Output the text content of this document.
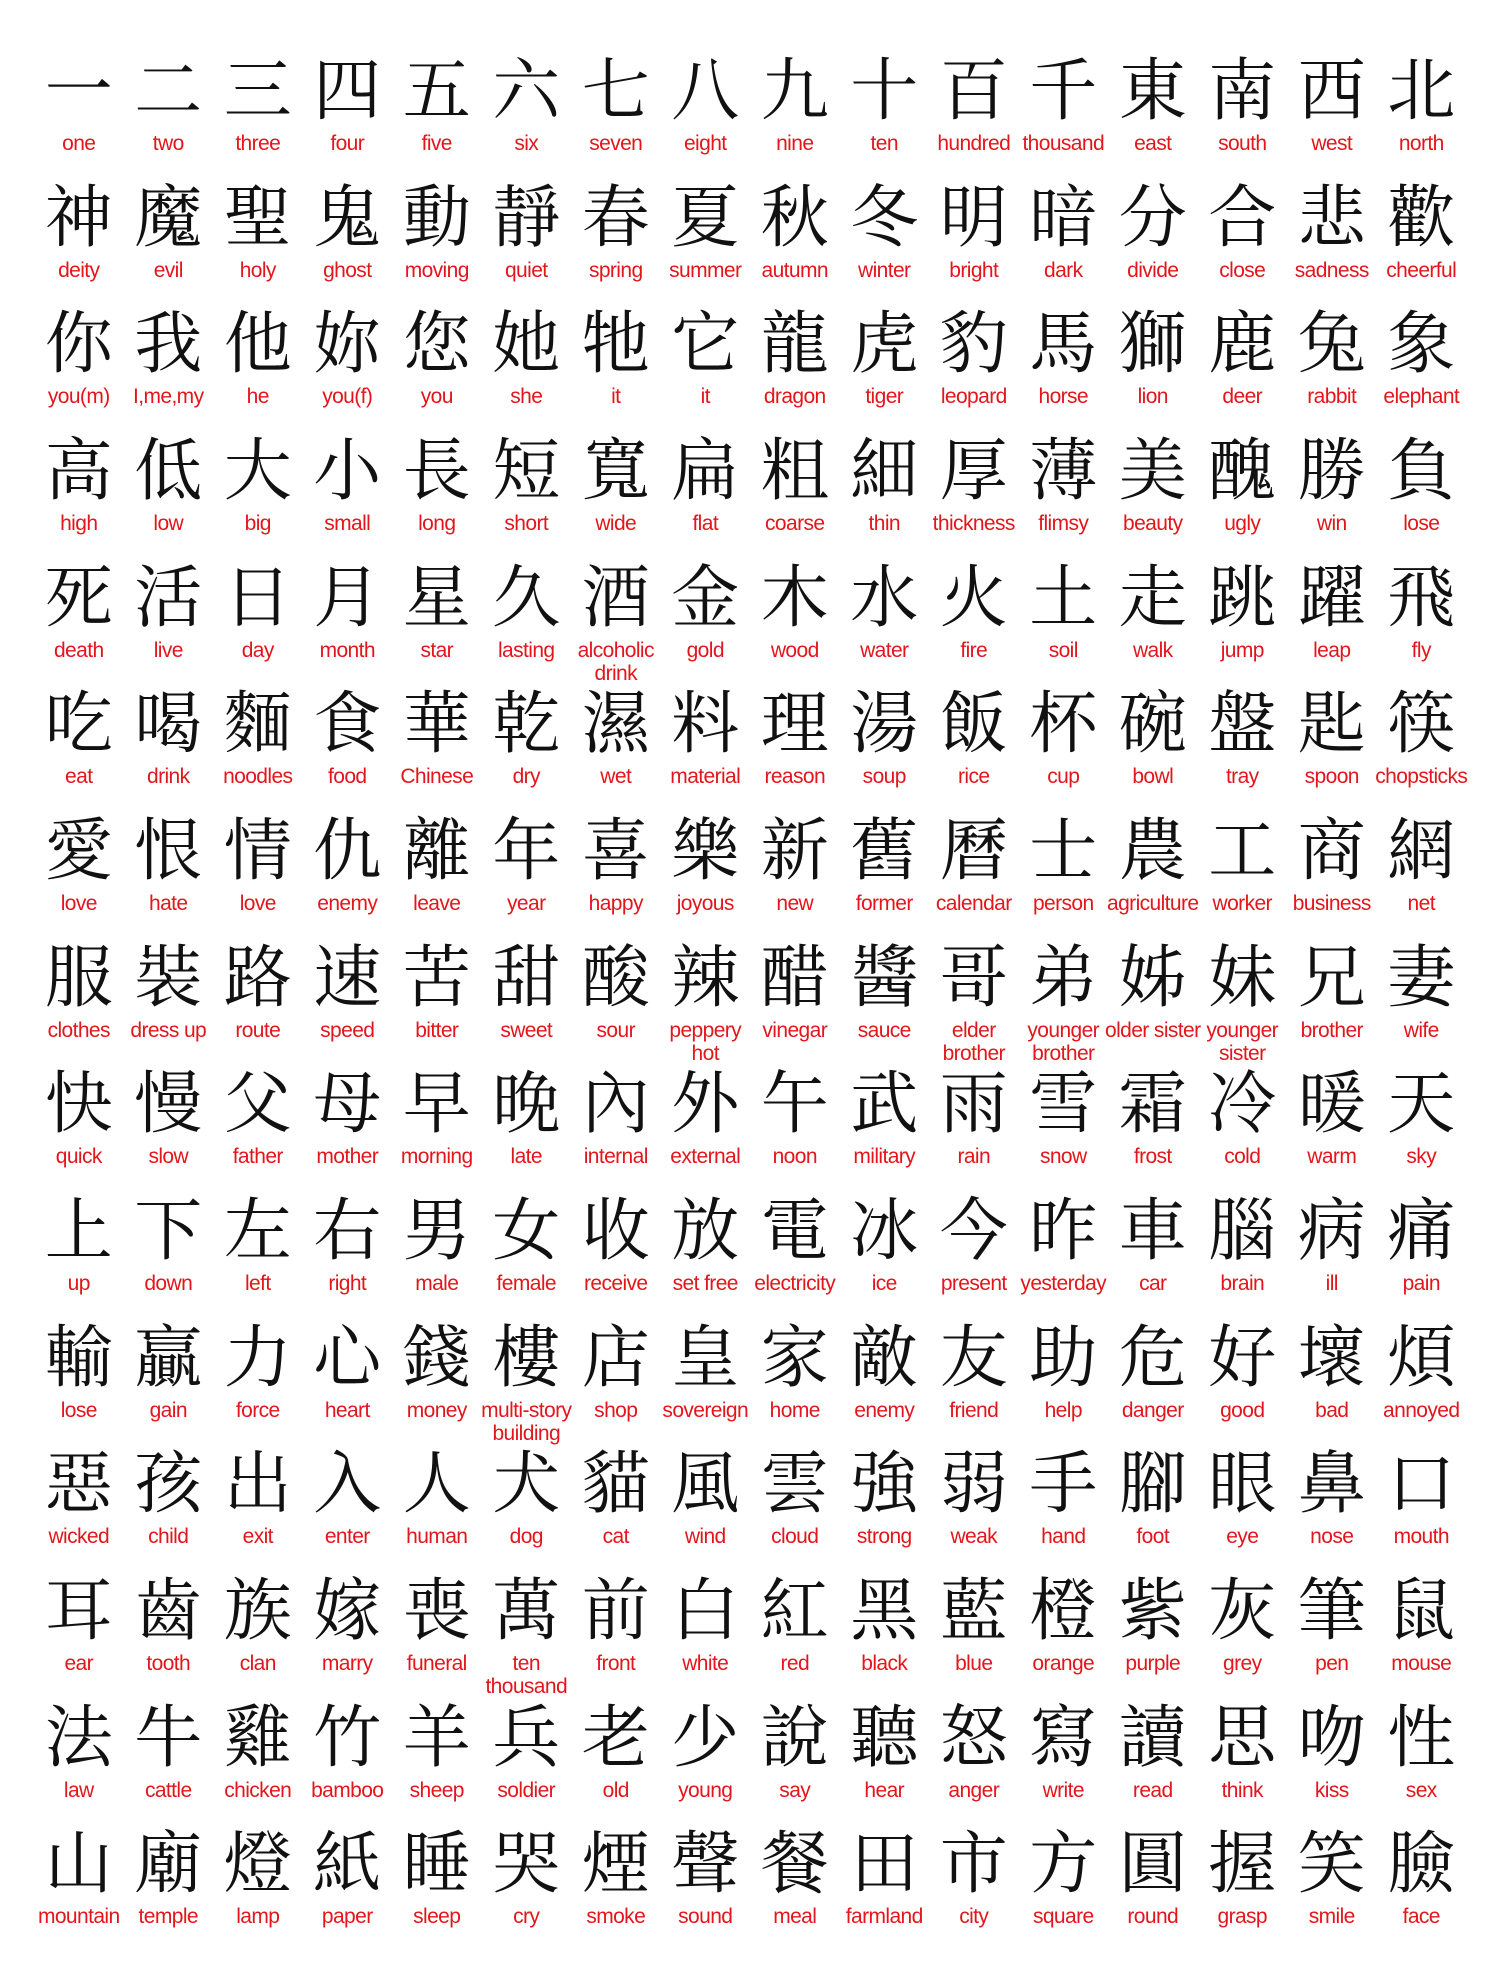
一
one
二
two
三
three
四
four
五
five
六
six
七
seven
八
eight
九
nine
十
ten
百
hundred
千
thousand
東
east
南
south
西
west
北
north
神
deity
魔
evil
聖
holy
鬼
ghost
動
moving
靜
quiet
春
spring
夏
summer
秋
autumn
冬
winter
明
bright
暗
dark
分
divide
合
close
悲
sadness
歡
cheerful
你
you(m)
我
I,me,my
他
he
妳
you(f)
您
you
她
she
牠
it
它
it
龍
dragon
虎
tiger
豹
leopard
馬
horse
獅
lion
鹿
deer
兔
rabbit
象
elephant
高
high
低
low
大
big
小
small
長
long
短
short
寬
wide
扁
flat
粗
coarse
細
thin
厚
thickness
薄
flimsy
美
beauty
醜
ugly
勝
win
負
lose
死
death
活
live
日
day
月
month
星
star
久
lasting
酒
alcoholic drink
金
gold
木
wood
水
water
火
fire
土
soil
走
walk
跳
jump
躍
leap
飛
fly
吃
eat
喝
drink
麵
noodles
食
food
華
Chinese
乾
dry
濕
wet
料
material
理
reason
湯
soup
飯
rice
杯
cup
碗
bowl
盤
tray
匙
spoon
筷
chopsticks
愛
love
恨
hate
情
love
仇
enemy
離
leave
年
year
喜
happy
樂
joyous
新
new
舊
former
曆
calendar
士
person
農
agriculture
工
worker
商
business
網
net
服
clothes
裝
dress up
路
route
速
speed
苦
bitter
甜
sweet
酸
sour
辣
peppery hot
醋
vinegar
醬
sauce
哥
elder brother
弟
younger brother
姊
older sister
妹
younger sister
兄
brother
妻
wife
快
quick
慢
slow
父
father
母
mother
早
morning
晚
late
內
internal
外
external
午
noon
武
military
雨
rain
雪
snow
霜
frost
冷
cold
暖
warm
天
sky
上
up
下
down
左
left
右
right
男
male
女
female
收
receive
放
set free
電
electricity
冰
ice
今
present
昨
yesterday
車
car
腦
brain
病
ill
痛
pain
輸
lose
贏
gain
力
force
心
heart
錢
money
樓
multi-story building
店
shop
皇
sovereign
家
home
敵
enemy
友
friend
助
help
危
danger
好
good
壞
bad
煩
annoyed
惡
wicked
孩
child
出
exit
入
enter
人
human
犬
dog
貓
cat
風
wind
雲
cloud
強
strong
弱
weak
手
hand
腳
foot
眼
eye
鼻
nose
口
mouth
耳
ear
齒
tooth
族
clan
嫁
marry
喪
funeral
萬
ten thousand
前
front
白
white
紅
red
黑
black
藍
blue
橙
orange
紫
purple
灰
grey
筆
pen
鼠
mouse
法
law
牛
cattle
雞
chicken
竹
bamboo
羊
sheep
兵
soldier
老
old
少
young
說
say
聽
hear
怒
anger
寫
write
讀
read
思
think
吻
kiss
性
sex
山
mountain
廟
temple
燈
lamp
紙
paper
睡
sleep
哭
cry
煙
smoke
聲
sound
餐
meal
田
farmland
市
city
方
square
圓
round
握
grasp
笑
smile
臉
face
